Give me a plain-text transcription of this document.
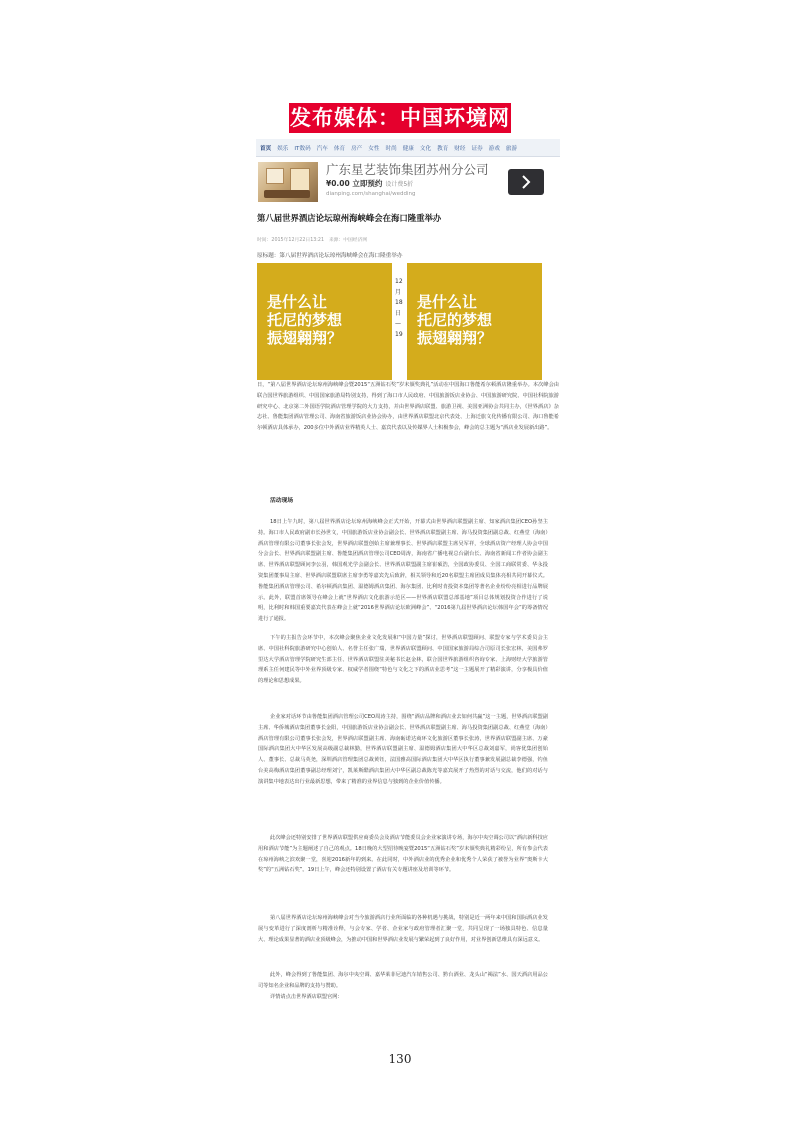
发布媒体：中国环境网
首页 娱乐 IT数码 汽车 体育 房产 女性 时尚 健康 文化 教育 财经 证券 游戏 旅游
广东星艺装饰集团苏州分公司
¥0.00 立即预约 设计费5折
dianping.com/shanghai/wedding
第八届世界酒店论坛琼州海峡峰会在海口隆重举办
时间：2015年12月22日13:21　来源：中国经济网
原标题：第八届世界酒店论坛琼州海峡峰会在海口隆重举办
是什么让
托尼的梦想
振翅翱翔？
12
月
18
日—
19
是什么让
托尼的梦想
振翅翱翔？

日，“第八届世界酒店论坛琼州海峡峰会暨2015“五洲钻石奖”岁末颁奖典礼”活动在中国海口鲁能希尔顿酒店隆重举办。本次峰会由联合国世界旅游组织、中国国家旅游局特别支持，得到了海口市人民政府、中国旅游饭店业协会、中国旅游研究院、中国社科院旅游研究中心、北京第二外国语学院酒店管理学院的大力支持，并由世界酒店联盟、旅游卫视、美国亚洲协会共同主办，《世界酒店》杂志社、鲁能集团酒店管理公司、海南省旅游饭店业协会协办，由世界酒店联盟北京代表处、上海迁旅文化传播有限公司、海口鲁能希尔顿酒店具体承办，200多位中外酒店业界精英人士、嘉宾代表以及传媒界人士积极参会，峰会的总主题为“酒店业发展新出路”。

活动现场

18日上午九时，第八届世界酒店论坛琼州海峡峰会正式开始，开幕式由世界酒店联盟副主席、知家酒店集团CEO孙坚主持。海口市人民政府副市长孙世文，中国旅游饭店业协会副会长、世界酒店联盟副主席、海马投资集团副总裁、红燕堂（海南）酒店管理有限公司董事长张会发，世界酒店联盟创始主席兼理事长、世界酒店联盟主席吴军祥，全球酒店资产经理人协会中国分会会长、世界酒店联盟副主席、鲁能集团酒店管理公司CEO周涛，海南省广播电视总台副台长、海南省新闻工作者协会副主席、世界酒店联盟顾问李公羽，韩国观光学会副会长、世界酒店联盟副主席崔硕浩，全国政协委员、全国工商联常委、华永投资集团董事局主席、世界酒店联盟联席主席李勇等嘉宾先后致辞，相关领导和近20名联盟主席团成员集体亮相共同开幕仪式。鲁能集团酒店管理公司、希尔顿酒店集团、温德姆酒店集团、海尔集团、比利时肯投资本集团等著名企业纷纷亮相进行品牌展示。此外，联盟首席领导在峰会上就“世界酒店文化旅游示范区——世界酒店联盟总部基地”项目总体规划投资合作进行了说明，比利时和韩国重要嘉宾代表在峰会上就“2016世界酒店论坛欧洲峰会”、“2016第九届世界酒店论坛韩国年会”的筹备情况进行了通报。

下午的主报告会环节中，本次峰会聚焦企业文化发展和“中国力量”探讨，世界酒店联盟顾问、联盟专家与学术委员会主席、中国社科院旅游研究中心创始人、名誉主任张广瑞，世界酒店联盟顾问、中国国家旅游局综合司原司长张宏林，美国弗罗里达大学酒店管理学院研究生部主任、世界酒店联盟驻美秘书长赵金林，联合国世界旅游组织咨询专家、上海财经大学旅游管理系主任何建民等中外业界顶级专家、权威学者围绕“特色与文化之下的酒店业思考”这一主题展开了精彩演讲，分享极具价值的理论和思想成果。

企业家对话环节由鲁能集团酒店管理公司CEO周涛主持，围绕“酒店品牌和酒店业去如何共赢”这一主题，世界酒店联盟副主席、华侨城酒店集团董事长金阳，中国旅游饭店业协会副会长、世界酒店联盟副主席、海马投资集团副总裁、红燕堂（海南）酒店管理有限公司董事长张会发，世界酒店联盟副主席、海南砺诺达商环文化旅游区董事长张涛，世界酒店联盟副主席、万豪国际酒店集团大中华区发展高级副总裁林勤，世界酒店联盟副主席、温德姆酒店集团大中华区总裁刘嘉军，尚客优集团创始人、董事长、总裁马英尧，深圳酒店管理集团总裁黄钰，法国雅高国际酒店集团大中华区执行董事兼发展副总裁李德强，钓鱼台美高梅酒店集团董事副总经理刘宁，凯莱斯酷酒店集团大中华区副总裁陈光等嘉宾展开了热烈的对话与交流，他们的对话与演讲集中地表达出行业最新思想，带来了精准的业界信息与独到的企业价值传播。

此次峰会还特别安排了世界酒店联盟供应商委员会及酒店节能委员会企业家演讲专场，海尔中央空调公司以“酒店新科技应用和酒店节能”为主题阐述了自己的观点。18日晚的大型招待晚宴暨2015“五洲钻石奖”岁末颁奖典礼精彩纷呈，所有参会代表在琼州海峡之滨欢聚一堂，喜迎2016新年的到来。在此同时，中外酒店业的优秀企业和优秀个人荣获了被誉为业界“奥斯卡大奖”的“五洲钻石奖”。19日上午，峰会还特别设置了酒店有关专题讲座及培训等环节。

第八届世界酒店论坛琼州海峡峰会对当今旅游酒店行业所面临的各种机遇与挑战，特别是近一两年来中国和国际酒店业发展与变革进行了深度剖析与精准诠释，与会专家、学者、企业家与政府管理者汇聚一堂，共同呈现了一场独具特色、信息量大、理论成果显著的酒店业顶级峰会，为推动中国和世界酒店业发展与繁荣起到了良好作用，对业界创新思维具有深远意义。

此外，峰会得到了鲁能集团、海尔中央空调、嘉华莱菲尼迪汽车销售公司、黔台酒业、龙头山“褐法”水、国天酒店用品公司等知名企业和品牌的支持与赞助。

详情请点击世界酒店联盟官网：

130
